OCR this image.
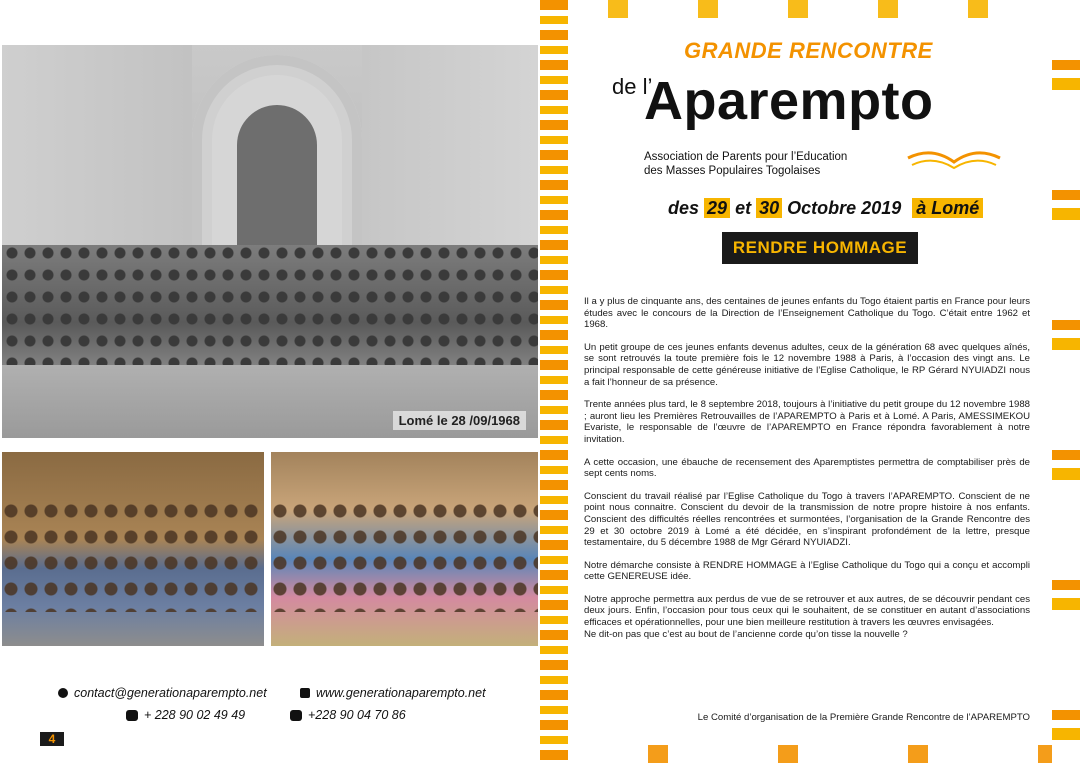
Lomé le 28 /09/1968
contact@generationaparempto.net	www.generationaparempto.net
+ 228 90 02 49 49	+228 90 04 70 86
4
GRANDE RENCONTRE
de l’
Aparempto
Association de Parents pour l’Education
des Masses Populaires Togolaises
des 29 et 30 Octobre 2019 à Lomé
RENDRE HOMMAGE

Il a y plus de cinquante ans, des centaines de jeunes enfants du Togo étaient partis en France pour leurs études avec le concours de la Direction de l’Enseignement Catholique du Togo. C’était entre 1962 et 1968.

Un petit groupe de ces jeunes enfants devenus adultes, ceux de la génération 68 avec quelques aînés, se sont retrouvés la toute première fois le 12 novembre 1988 à Paris, à l’occasion des vingt ans. Le principal responsable de cette généreuse initiative de l’Eglise Catholique, le RP Gérard NYUIADZI nous a fait l’honneur de sa présence.

Trente années plus tard, le 8 septembre 2018, toujours à l’initiative du petit groupe du 12 novembre 1988 ; auront lieu les Premières Retrouvailles de l’APAREMPTO à Paris et à Lomé. A Paris, AMESSIMEKOU Evariste, le responsable de l’œuvre de l’APAREMPTO en France répondra favorablement à notre invitation.

A cette occasion, une ébauche de recensement des Aparemptistes permettra de comptabiliser près de sept cents noms.

Conscient du travail réalisé par l’Eglise Catholique du Togo à travers l’APAREMPTO. Conscient de ne point nous connaitre. Conscient du devoir de la transmission de notre propre histoire à nos enfants. Conscient des difficultés réelles rencontrées et surmontées, l’organisation de la Grande Rencontre des 29 et 30 octobre 2019 à Lomé a été décidée, en s’inspirant profondément de la lettre, presque testamentaire, du 5 décembre 1988 de Mgr Gérard NYUIADZI.

Notre démarche consiste à RENDRE HOMMAGE à l’Eglise Catholique du Togo qui a conçu et accompli cette GENEREUSE idée.

Notre approche permettra aux perdus de vue de se retrouver et aux autres, de se découvrir pendant ces deux jours. Enfin, l’occasion pour tous ceux qui le souhaitent, de se constituer en autant d’associations efficaces et opérationnelles, pour une bien meilleure restitution à travers les œuvres envisagées.
Ne dit-on pas que c’est au bout de l’ancienne corde qu’on tisse la nouvelle ?

Le Comité d’organisation de la Première Grande Rencontre de l’APAREMPTO
